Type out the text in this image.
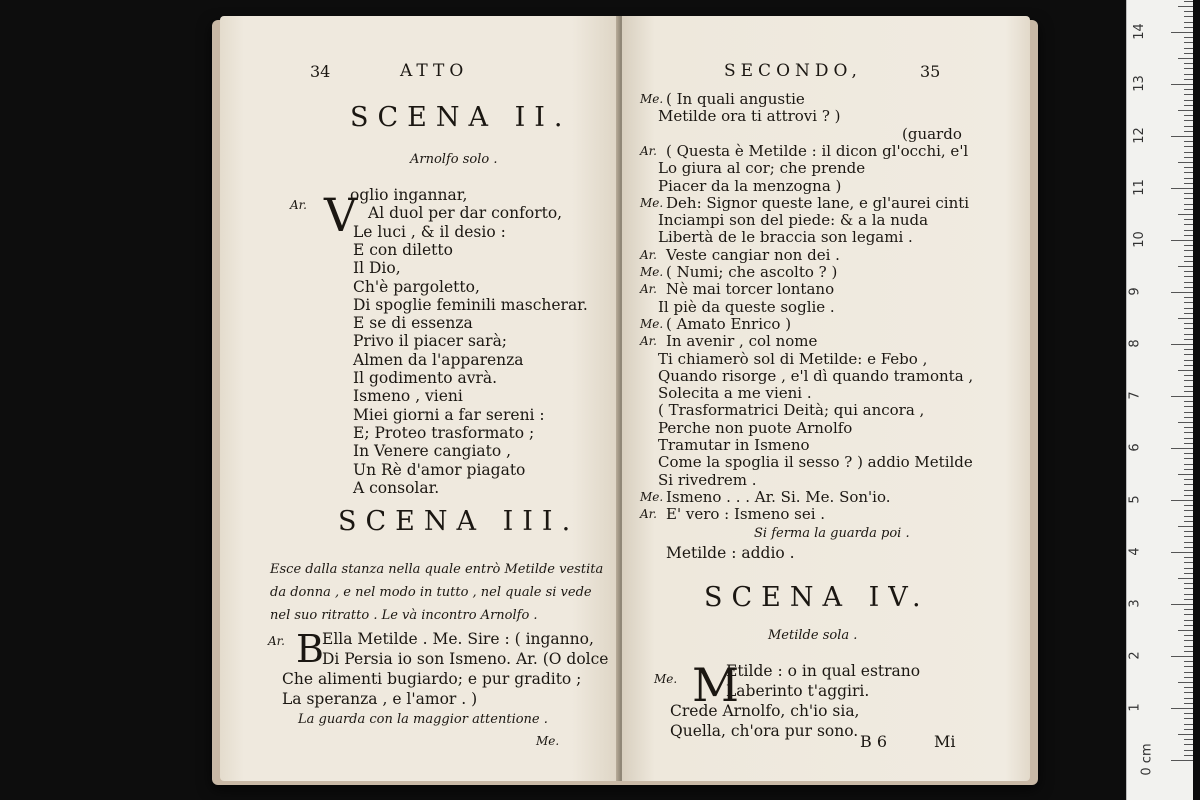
34	ATTO
SCENA II.
Arnolfo solo .
Ar. V
oglio ingannar,
Al duol per dar conforto,
Le luci , & il desio :
E con diletto
Il Dio,
Ch'è pargoletto,
Di spoglie feminili mascherar.
E se di essenza
Privo il piacer sarà;
Almen da l'apparenza
Il godimento avrà.
Ismeno , vieni
Miei giorni a far sereni :
E; Proteo trasformato ;
In Venere cangiato ,
Un Rè d'amor piagato
A consolar.
SCENA III.
Esce dalla stanza nella quale entrò Metilde vestita
da donna , e nel modo in tutto , nel quale si vede
nel suo ritratto . Le và incontro Arnolfo .
Ar. B
Ella Metilde . Me. Sire : ( inganno,
Di Persia io son Ismeno. Ar. (O dolce
Che alimenti bugiardo; e pur gradito ;
La speranza , e l'amor . )
La guarda con la maggior attentione .
Me.
SECONDO,	35
Me. ( In quali angustie
Metilde ora ti attrovi ? )
(guardo
Ar. ( Questa è Metilde : il dicon gl'occhi, e'l
Lo giura al cor; che prende
Piacer da la menzogna )
Me. Deh: Signor queste lane, e gl'aurei cinti
Inciampi son del piede: & a la nuda
Libertà de le braccia son legami .
Ar. Veste cangiar non dei .
Me. ( Numi; che ascolto ? )
Ar. Nè mai torcer lontano
Il piè da queste soglie .
Me. ( Amato Enrico )
Ar. In avenir , col nome
Ti chiamerò sol di Metilde: e Febo ,
Quando risorge , e'l dì quando tramonta ,
Solecita a me vieni .
( Trasformatrici Deità; qui ancora ,
Perche non puote Arnolfo
Tramutar in Ismeno
Come la spoglia il sesso ? ) addio Metilde
Si rivedrem .
Me. Ismeno . . . Ar. Si. Me. Son'io.
Ar. E' vero : Ismeno sei .
Si ferma la guarda poi .
Metilde : addio .
SCENA IV.
Metilde sola .
Me. M
Etilde : o in qual estrano
Laberinto t'aggiri.
Crede Arnolfo, ch'io sia,
Quella, ch'ora pur sono.
B 6	Mi
14
13
12
11
10
9
8
7
6
5
4
3
2
1
0 cm
